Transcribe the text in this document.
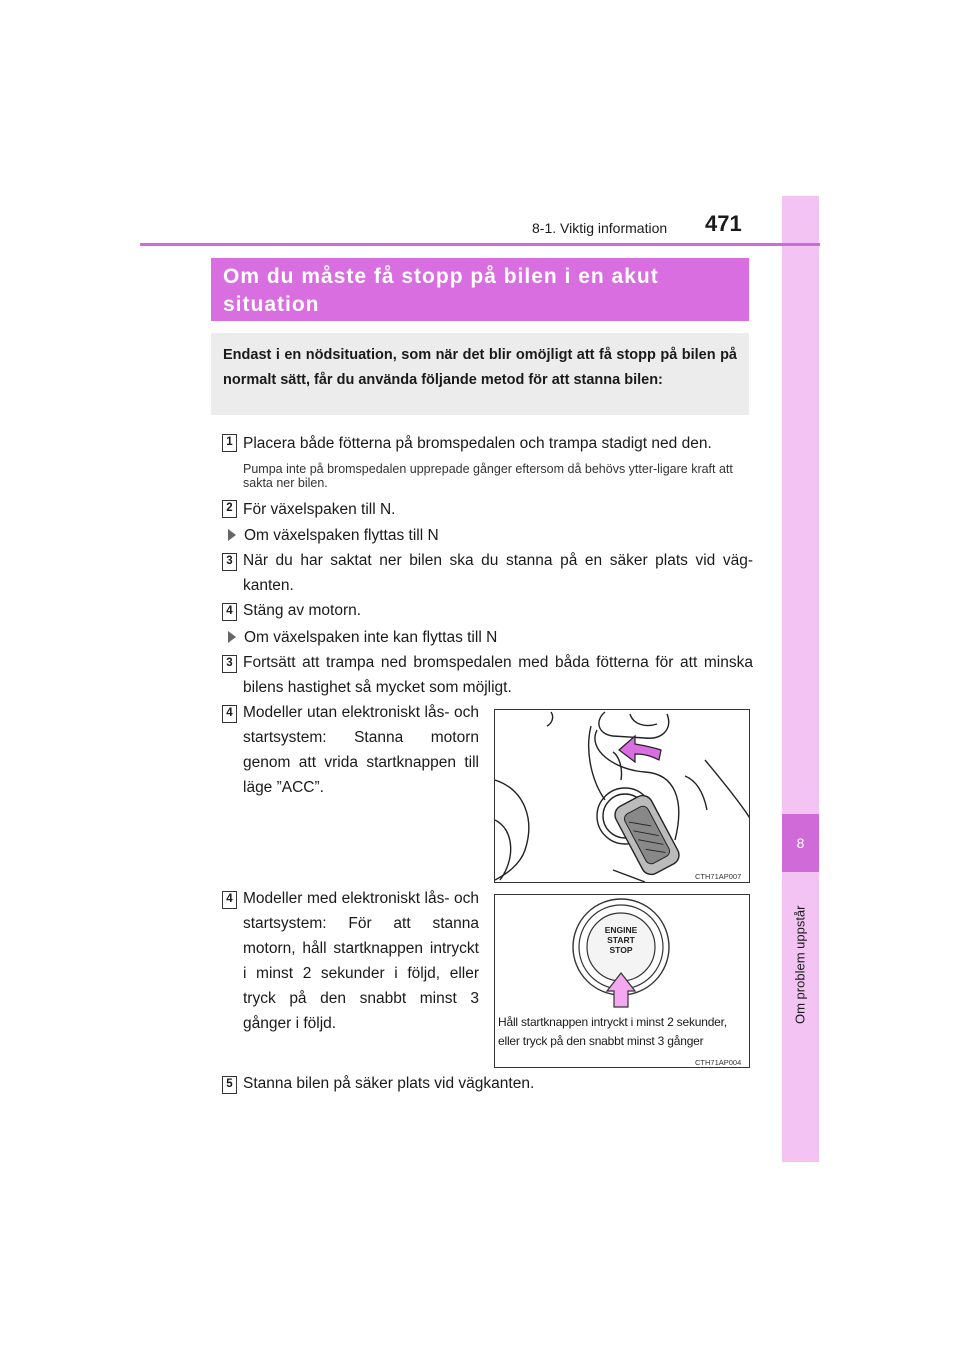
8
Om problem uppstår
8-1. Viktig information 471
Om du måste få stopp på bilen i en akut situation
Endast i en nödsituation, som när det blir omöjligt att få stopp på bilen på normalt sätt, får du använda följande metod för att stanna bilen:
1 Placera både fötterna på bromspedalen och trampa stadigt ned den.
Pumpa inte på bromspedalen upprepade gånger eftersom då behövs ytter-ligare kraft att sakta ner bilen.
2 För växelspaken till N.
Om växelspaken flyttas till N
3 När du har saktat ner bilen ska du stanna på en säker plats vid väg-kanten.
4 Stäng av motorn.
Om växelspaken inte kan flyttas till N
3 Fortsätt att trampa ned bromspedalen med båda fötterna för att minska bilens hastighet så mycket som möjligt.
4 Modeller utan elektroniskt lås- och startsystem: Stanna motorn genom att vrida startknappen till läge ”ACC”.
CTH71AP007
4 Modeller med elektroniskt lås- och startsystem: För att stanna motorn, håll startknappen intryckt i minst 2 sekunder i följd, eller tryck på den snabbt minst 3 gånger i följd.
ENGINE
START
STOP
Håll startknappen intryckt i minst 2 sekunder,
eller tryck på den snabbt minst 3 gånger
CTH71AP004
5 Stanna bilen på säker plats vid vägkanten.
